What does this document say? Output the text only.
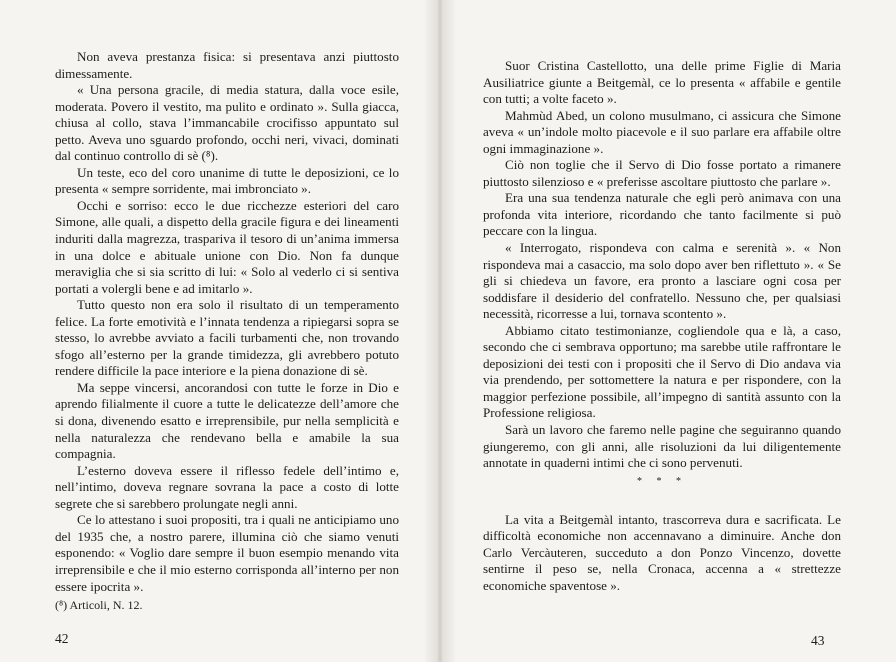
Non aveva prestanza fisica: si presentava anzi piuttosto dimessamente.

« Una persona gracile, di media statura, dalla voce esile, moderata. Povero il vestito, ma pulito e ordinato ». Sulla giacca, chiusa al collo, stava l’immancabile crocifisso appuntato sul petto. Aveva uno sguardo profondo, occhi neri, vivaci, dominati dal continuo controllo di sè (⁸).

Un teste, eco del coro unanime di tutte le deposizioni, ce lo presenta « sempre sorridente, mai imbronciato ».

Occhi e sorriso: ecco le due ricchezze esteriori del caro Simone, alle quali, a dispetto della gracile figura e dei lineamenti induriti dalla magrezza, traspariva il tesoro di un’anima immersa in una dolce e abituale unione con Dio. Non fa dunque meraviglia che si sia scritto di lui: « Solo al vederlo ci si sentiva portati a volergli bene e ad imitarlo ».

Tutto questo non era solo il risultato di un temperamento felice. La forte emotività e l’innata tendenza a ripiegarsi sopra se stesso, lo avrebbe avviato a facili turbamenti che, non trovando sfogo all’esterno per la grande timidezza, gli avrebbero potuto rendere difficile la pace interiore e la piena donazione di sè.

Ma seppe vincersi, ancorandosi con tutte le forze in Dio e aprendo filialmente il cuore a tutte le delicatezze dell’amore che si dona, divenendo esatto e irreprensibile, pur nella semplicità e nella naturalezza che rendevano bella e amabile la sua compagnia.

L’esterno doveva essere il riflesso fedele dell’intimo e, nell’intimo, doveva regnare sovrana la pace a costo di lotte segrete che si sarebbero prolungate negli anni.

Ce lo attestano i suoi propositi, tra i quali ne anticipiamo uno del 1935 che, a nostro parere, illumina ciò che siamo venuti esponendo: « Voglio dare sempre il buon esempio menando vita irreprensibile e che il mio esterno corrisponda all’interno per non essere ipocrita ».

(⁸) Articoli, N. 12.
42

Suor Cristina Castellotto, una delle prime Figlie di Maria Ausiliatrice giunte a Beitgemàl, ce lo presenta « affabile e gentile con tutti; a volte faceto ».

Mahmùd Abed, un colono musulmano, ci assicura che Simone aveva « un’indole molto piacevole e il suo parlare era affabile oltre ogni immaginazione ».

Ciò non toglie che il Servo di Dio fosse portato a rimanere piuttosto silenzioso e « preferisse ascoltare piuttosto che parlare ».

Era una sua tendenza naturale che egli però animava con una profonda vita interiore, ricordando che tanto facilmente si può peccare con la lingua.

« Interrogato, rispondeva con calma e serenità ». « Non rispondeva mai a casaccio, ma solo dopo aver ben riflettuto ». « Se gli si chiedeva un favore, era pronto a lasciare ogni cosa per soddisfare il desiderio del confratello. Nessuno che, per qualsiasi necessità, ricorresse a lui, tornava scontento ».

Abbiamo citato testimonianze, cogliendole qua e là, a caso, secondo che ci sembrava opportuno; ma sarebbe utile raffrontare le deposizioni dei testi con i propositi che il Servo di Dio andava via via prendendo, per sottomettere la natura e per rispondere, con la maggior perfezione possibile, all’impegno di santità assunto con la Professione religiosa.

Sarà un lavoro che faremo nelle pagine che seguiranno quando giungeremo, con gli anni, alle risoluzioni da lui diligentemente annotate in quaderni intimi che ci sono pervenuti.

* * *

La vita a Beitgemàl intanto, trascorreva dura e sacrificata. Le difficoltà economiche non accennavano a diminuire. Anche don Carlo Vercàuteren, succeduto a don Ponzo Vincenzo, dovette sentirne il peso se, nella Cronaca, accenna a « strettezze economiche spaventose ».

43
